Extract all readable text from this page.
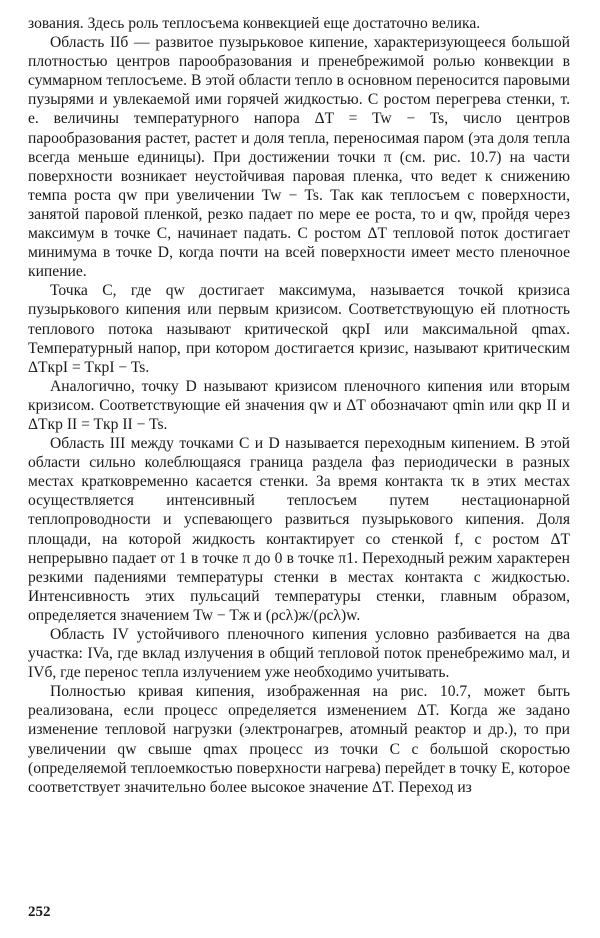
зования. Здесь роль теплосъема конвекцией еще достаточно велика.

Область IIб — развитое пузырьковое кипение, характеризующееся большой плотностью центров парообразования и пренебрежимой ролью конвекции в суммарном теплосъеме. В этой области тепло в основном переносится паровыми пузырями и увлекаемой ими горячей жидкостью. С ростом перегрева стенки, т. е. величины температурного напора ΔT = Tw − Ts, число центров парообразования растет, растет и доля тепла, переносимая паром (эта доля тепла всегда меньше единицы). При достижении точки π (см. рис. 10.7) на части поверхности возникает неустойчивая паровая пленка, что ведет к снижению темпа роста qw при увеличении Tw − Ts. Так как теплосъем с поверхности, занятой паровой пленкой, резко падает по мере ее роста, то и qw, пройдя через максимум в точке C, начинает падать. С ростом ΔT тепловой поток достигает минимума в точке D, когда почти на всей поверхности имеет место пленочное кипение.

Точка C, где qw достигает максимума, называется точкой кризиса пузырькового кипения или первым кризисом. Соответствующую ей плотность теплового потока называют критической qкрI или максимальной qmax. Температурный напор, при котором достигается кризис, называют критическим ΔTкрI = TкрI − Ts.

Аналогично, точку D называют кризисом пленочного кипения или вторым кризисом. Соответствующие ей значения qw и ΔT обозначают qmin или qкр II и ΔTкр II = Tкр II − Ts.

Область III между точками C и D называется переходным кипением. В этой области сильно колеблющаяся граница раздела фаз периодически в разных местах кратковременно касается стенки. За время контакта τк в этих местах осуществляется интенсивный теплосъем путем нестационарной теплопроводности и успевающего развиться пузырькового кипения. Доля площади, на которой жидкость контактирует со стенкой f, с ростом ΔT непрерывно падает от 1 в точке π до 0 в точке π1. Переходный режим характерен резкими падениями температуры стенки в местах контакта с жидкостью. Интенсивность этих пульсаций температуры стенки, главным образом, определяется значением Tw − Tж и (ρcλ)ж/(ρcλ)w.

Область IV устойчивого пленочного кипения условно разбивается на два участка: IVa, где вклад излучения в общий тепловой поток пренебрежимо мал, и IVб, где перенос тепла излучением уже необходимо учитывать.

Полностью кривая кипения, изображенная на рис. 10.7, может быть реализована, если процесс определяется изменением ΔT. Когда же задано изменение тепловой нагрузки (электронагрев, атомный реактор и др.), то при увеличении qw свыше qmax процесс из точки C с большой скоростью (определяемой теплоемкостью поверхности нагрева) перейдет в точку E, которое соответствует значительно более высокое значение ΔT. Переход из

252
